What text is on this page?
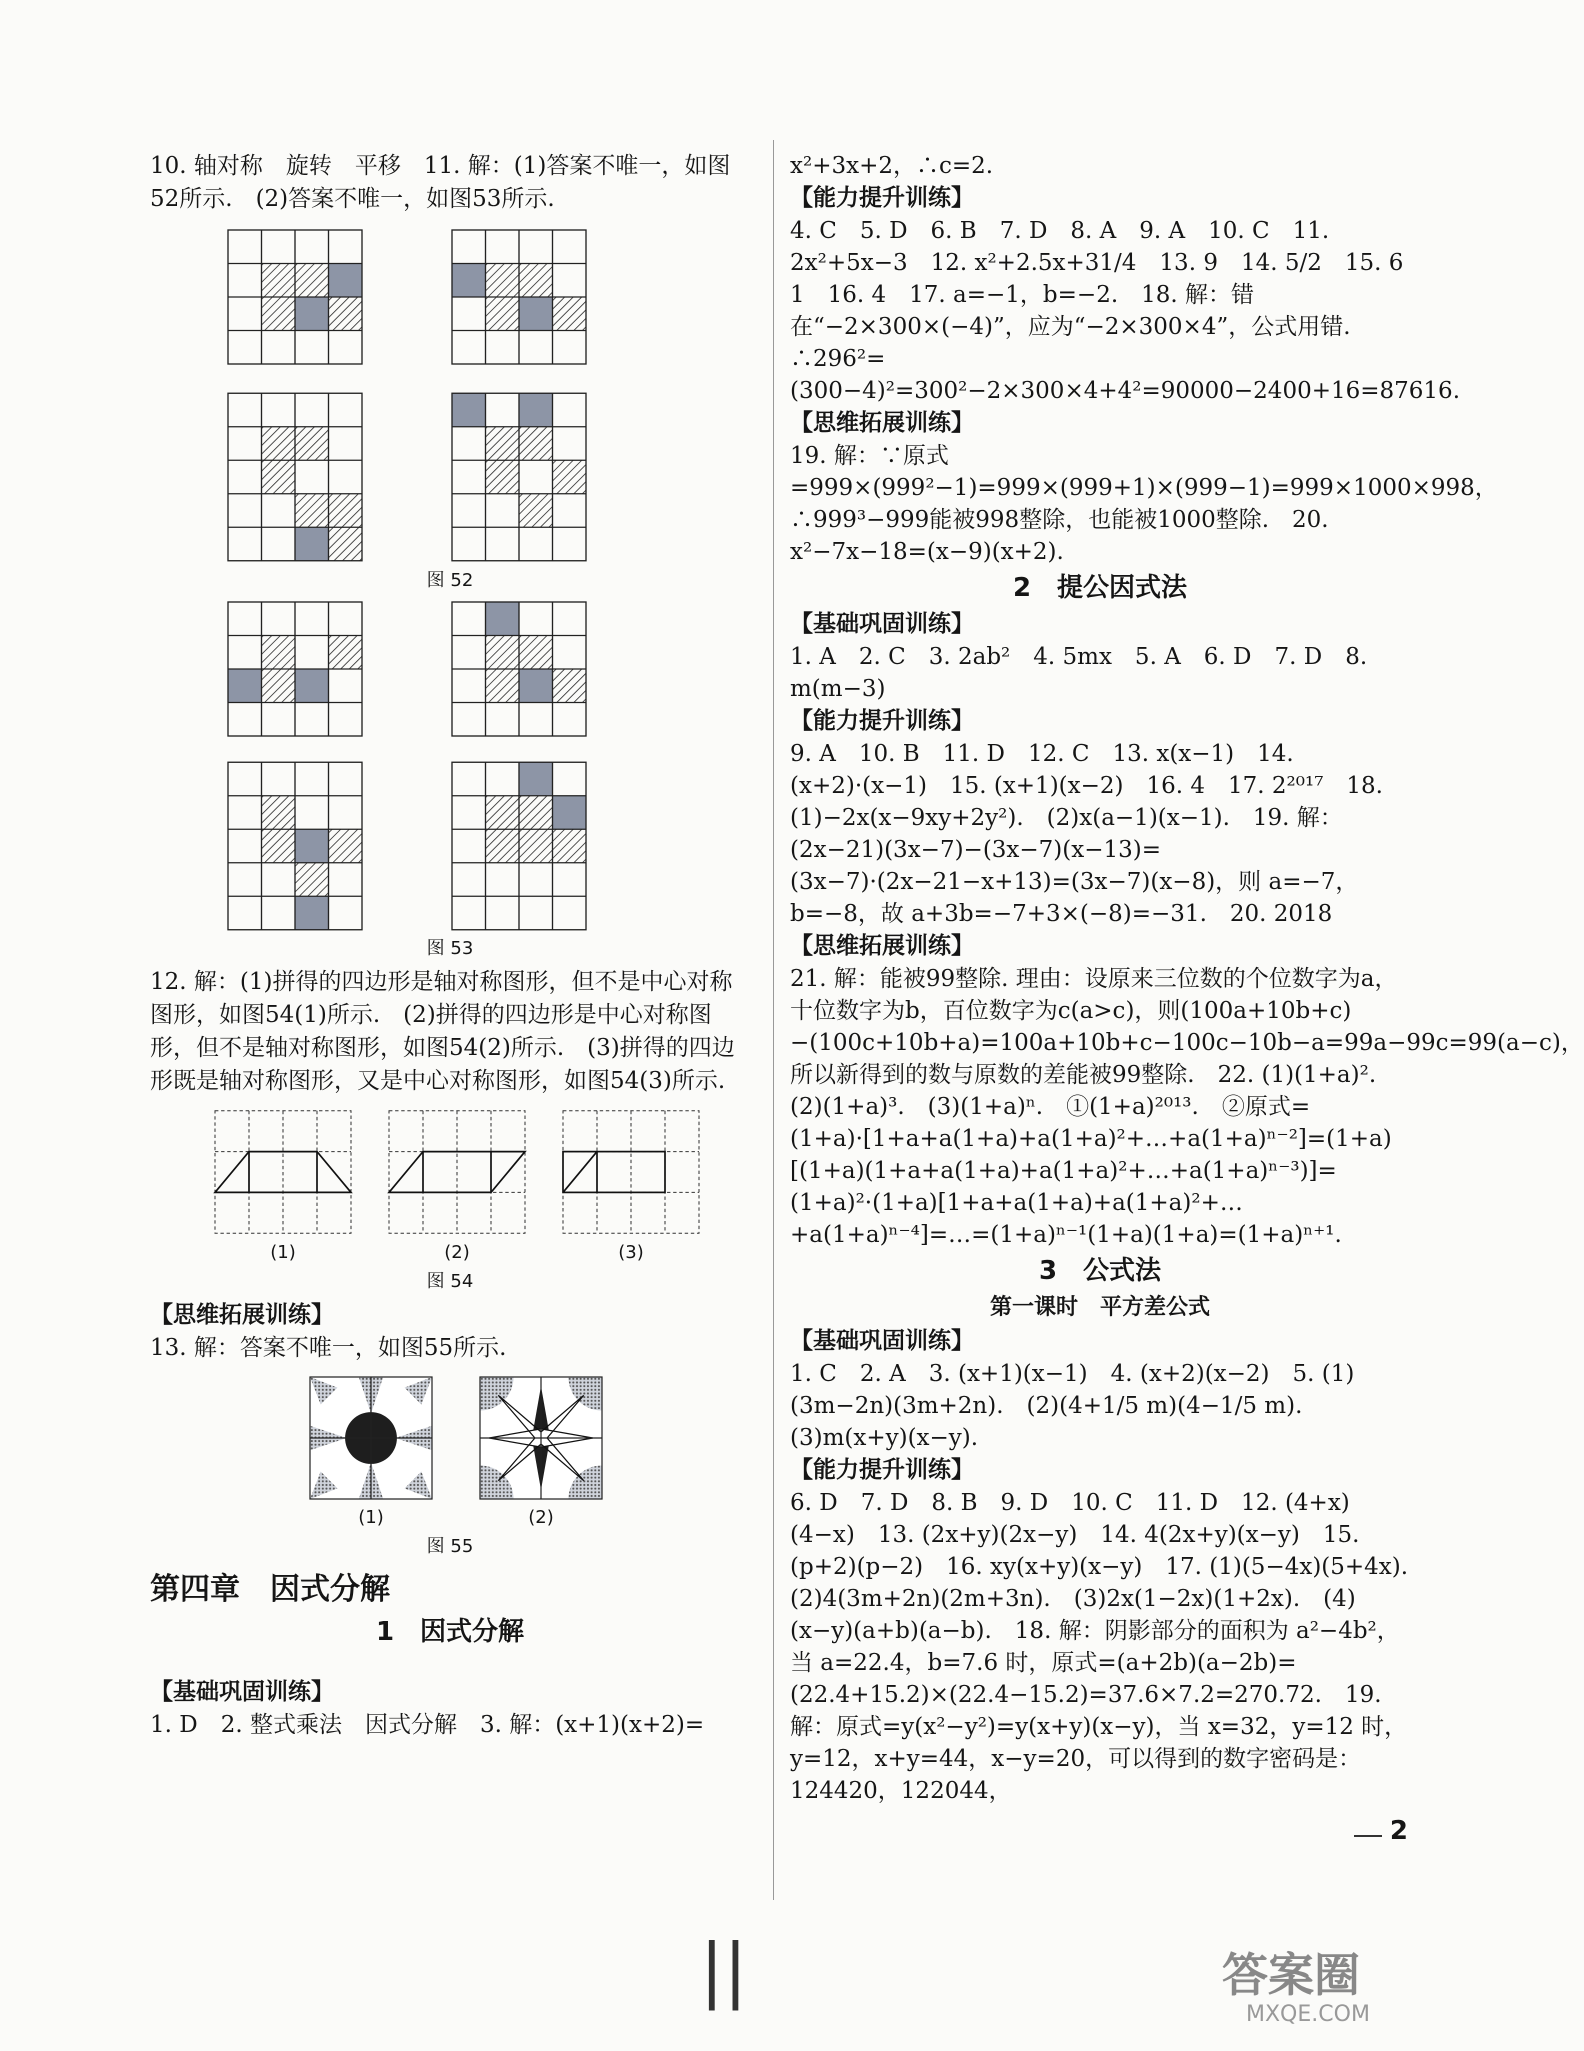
10. 轴对称　旋转　平移　11. 解：(1)答案不唯一，如图52所示.　(2)答案不唯一，如图53所示.

图 52
图 53

12. 解：(1)拼得的四边形是轴对称图形，但不是中心对称图形，如图54(1)所示.　(2)拼得的四边形是中心对称图形，但不是轴对称图形，如图54(2)所示.　(3)拼得的四边形既是轴对称图形，又是中心对称图形，如图54(3)所示.

(1)	(2)	(3)
图 54

【思维拓展训练】

13. 解：答案不唯一，如图55所示.

(1)	(2)
图 55

第四章　因式分解

1　因式分解

【基础巩固训练】

1. D　2. 整式乘法　因式分解　3. 解：(x+1)(x+2)=

x²+3x+2，∴c=2.

【能力提升训练】

4. C　5. D　6. B　7. D　8. A　9. A　10. C　11. 2x²+5x−3　12. x²+2.5x+31/4　13. 9　14. 5/2　15. 6　1　16. 4　17. a=−1，b=−2.　18. 解：错在“−2×300×(−4)”，应为“−2×300×4”，公式用错. ∴296²=(300−4)²=300²−2×300×4+4²=90000−2400+16=87616.

【思维拓展训练】

19. 解：∵原式=999×(999²−1)=999×(999+1)×(999−1)=999×1000×998，∴999³−999能被998整除，也能被1000整除.　20. x²−7x−18=(x−9)(x+2).

2　提公因式法

【基础巩固训练】

1. A　2. C　3. 2ab²　4. 5mx　5. A　6. D　7. D　8. m(m−3)

【能力提升训练】

9. A　10. B　11. D　12. C　13. x(x−1)　14. (x+2)·(x−1)　15. (x+1)(x−2)　16. 4　17. 2²⁰¹⁷　18. (1)−2x(x−9xy+2y²).　(2)x(a−1)(x−1).　19. 解：(2x−21)(3x−7)−(3x−7)(x−13)=(3x−7)·(2x−21−x+13)=(3x−7)(x−8)，则 a=−7，b=−8，故 a+3b=−7+3×(−8)=−31.　20. 2018

【思维拓展训练】

21. 解：能被99整除. 理由：设原来三位数的个位数字为a，十位数字为b，百位数字为c(a>c)，则(100a+10b+c)−(100c+10b+a)=100a+10b+c−100c−10b−a=99a−99c=99(a−c)，所以新得到的数与原数的差能被99整除.　22. (1)(1+a)².　(2)(1+a)³.　(3)(1+a)ⁿ.　①(1+a)²⁰¹³.　②原式=(1+a)·[1+a+a(1+a)+a(1+a)²+…+a(1+a)ⁿ⁻²]=(1+a)[(1+a)(1+a+a(1+a)+a(1+a)²+…+a(1+a)ⁿ⁻³)]=(1+a)²·(1+a)[1+a+a(1+a)+a(1+a)²+…+a(1+a)ⁿ⁻⁴]=…=(1+a)ⁿ⁻¹(1+a)(1+a)=(1+a)ⁿ⁺¹.

3　公式法

第一课时　平方差公式

【基础巩固训练】

1. C　2. A　3. (x+1)(x−1)　4. (x+2)(x−2)　5. (1)(3m−2n)(3m+2n).　(2)(4+1/5 m)(4−1/5 m).　(3)m(x+y)(x−y).

【能力提升训练】

6. D　7. D　8. B　9. D　10. C　11. D　12. (4+x)(4−x)　13. (2x+y)(2x−y)　14. 4(2x+y)(x−y)　15. (p+2)(p−2)　16. xy(x+y)(x−y)　17. (1)(5−4x)(5+4x).　(2)4(3m+2n)(2m+3n).　(3)2x(1−2x)(1+2x).　(4)(x−y)(a+b)(a−b).　18. 解：阴影部分的面积为 a²−4b²，当 a=22.4，b=7.6 时，原式=(a+2b)(a−2b)=(22.4+15.2)×(22.4−15.2)=37.6×7.2=270.72.　19. 解：原式=y(x²−y²)=y(x+y)(x−y)，当 x=32，y=12 时，y=12，x+y=44，x−y=20，可以得到的数字密码是：124420，122044，

2
||	答案圈
MXQE.COM
